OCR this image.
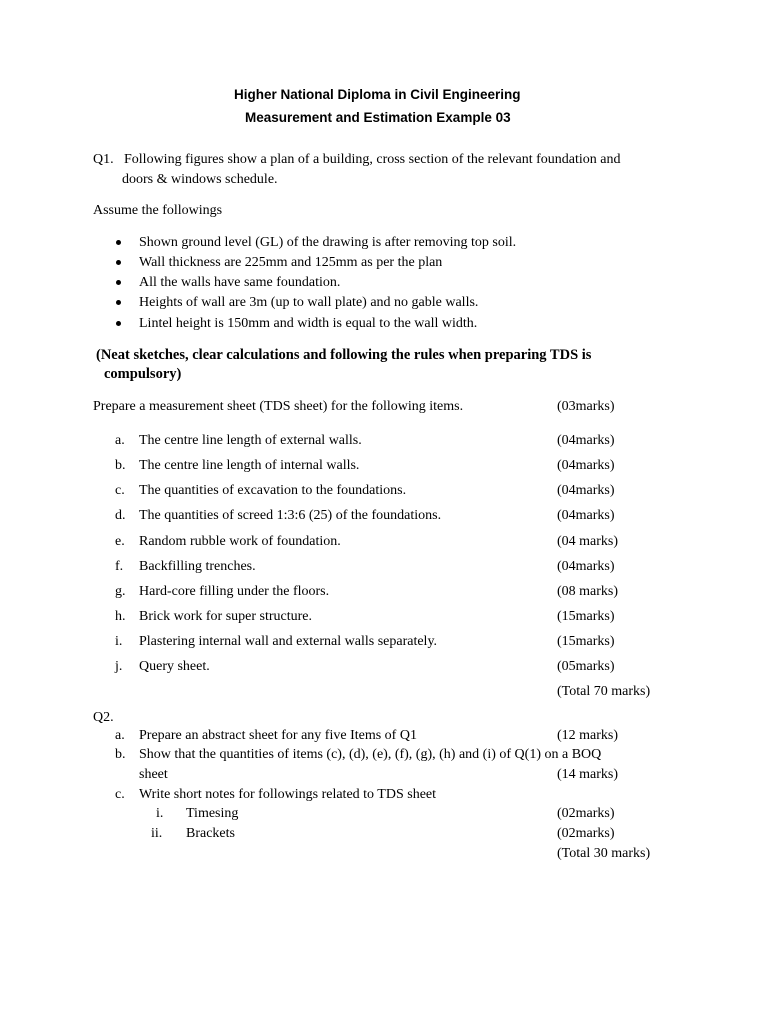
Higher National Diploma in Civil Engineering
Measurement and Estimation Example 03
Q1. Following figures show a plan of a building, cross section of the relevant foundation and
doors & windows schedule.
Assume the followings
Shown ground level (GL) of the drawing is after removing top soil.
Wall thickness are 225mm and 125mm as per the plan
All the walls have same foundation.
Heights of wall are 3m (up to wall plate) and no gable walls.
Lintel height is 150mm and width is equal to the wall width.
(Neat sketches, clear calculations and following the rules when preparing TDS is
compulsory)
Prepare a measurement sheet (TDS sheet) for the following items.	(03marks)
a. The centre line length of external walls.	(04marks)
b. The centre line length of internal walls.	(04marks)
c. The quantities of excavation to the foundations.	(04marks)
d. The quantities of screed 1:3:6 (25) of the foundations.	(04marks)
e. Random rubble work of foundation.	(04 marks)
f. Backfilling trenches.	(04marks)
g. Hard-core filling under the floors.	(08 marks)
h. Brick work for super structure.	(15marks)
i. Plastering internal wall and external walls separately.	(15marks)
j. Query sheet.	(05marks)
(Total 70 marks)
Q2.
a. Prepare an abstract sheet for any five Items of Q1	(12 marks)
b. Show that the quantities of items (c), (d), (e), (f), (g), (h) and (i) of Q(1) on a BOQ
sheet	(14 marks)
c. Write short notes for followings related to TDS sheet
i. Timesing	(02marks)
ii. Brackets	(02marks)
(Total 30 marks)
